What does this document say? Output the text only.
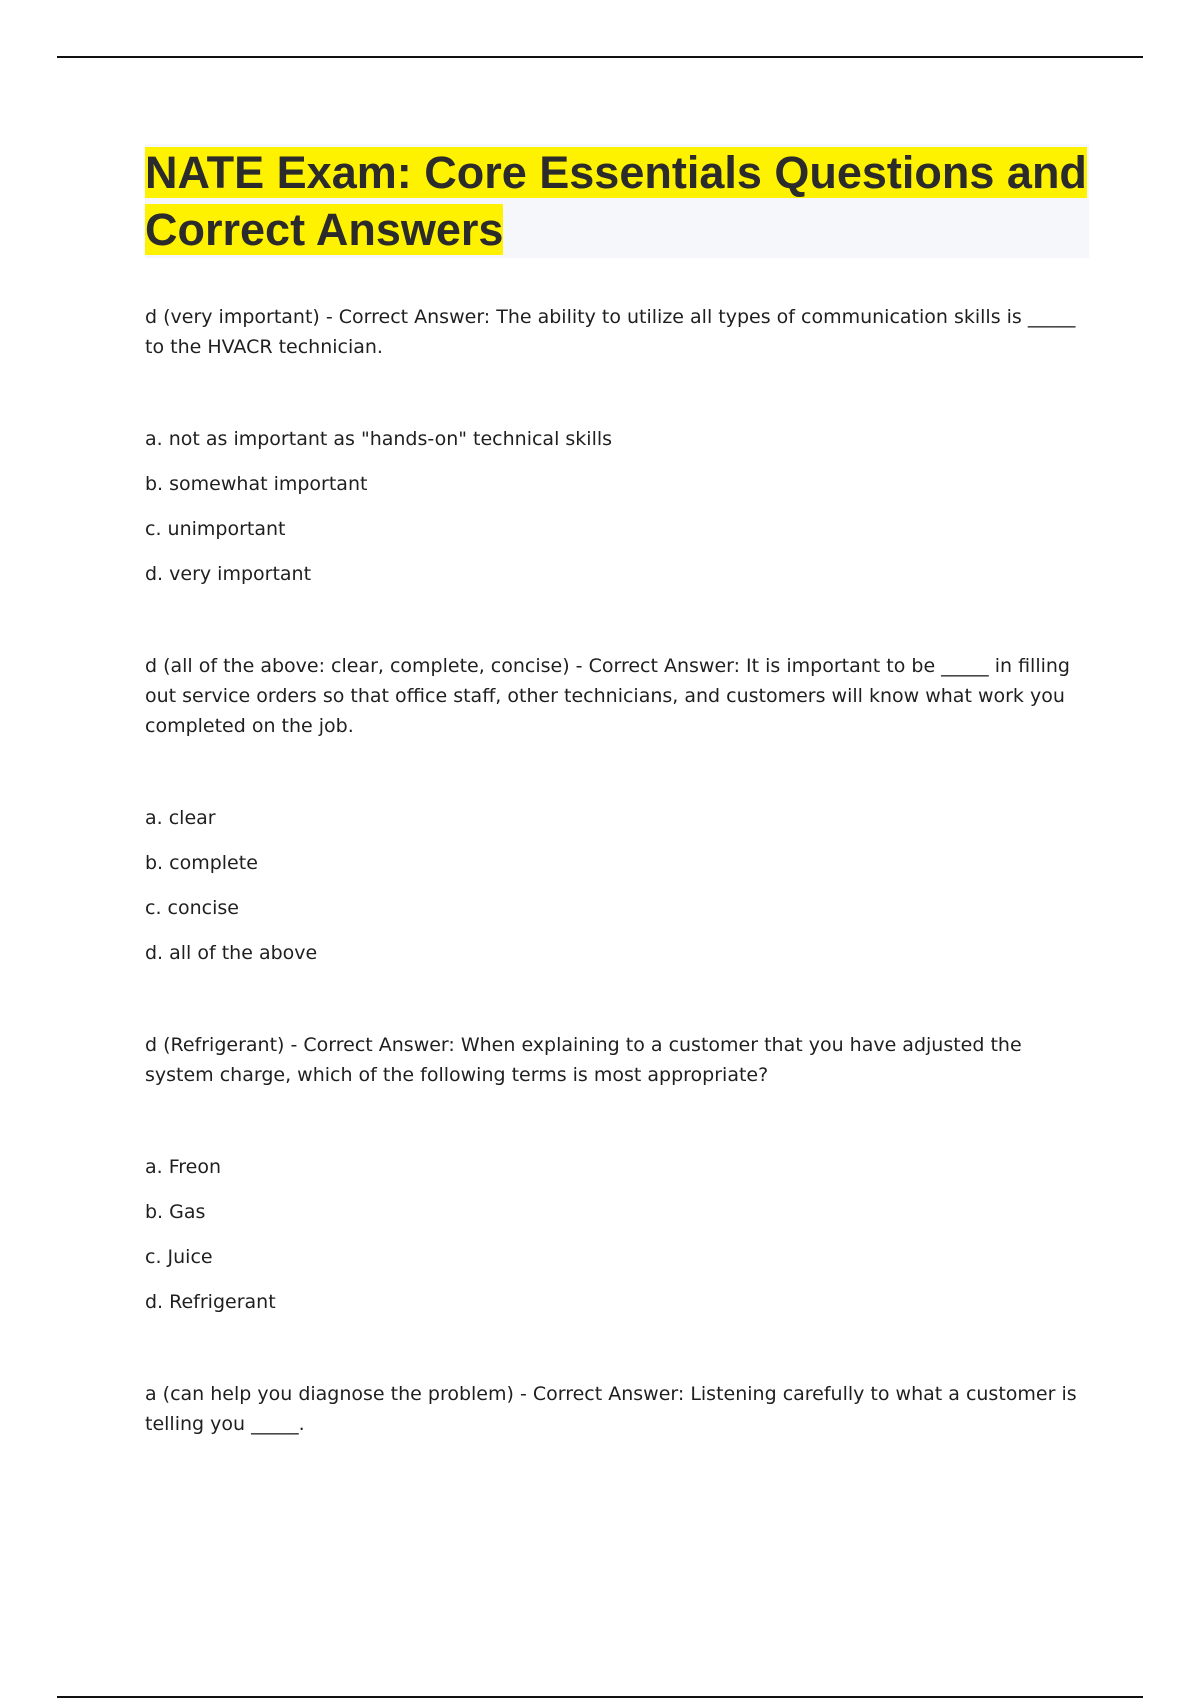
NATE Exam: Core Essentials Questions and Correct Answers

d (very important) - Correct Answer: The ability to utilize all types of communication skills is _____ to the HVACR technician.

a. not as important as "hands-on" technical skills

b. somewhat important

c. unimportant

d. very important

d (all of the above: clear, complete, concise) - Correct Answer: It is important to be _____ in filling out service orders so that office staff, other technicians, and customers will know what work you completed on the job.

a. clear

b. complete

c. concise

d. all of the above

d (Refrigerant) - Correct Answer: When explaining to a customer that you have adjusted the system charge, which of the following terms is most appropriate?

a. Freon

b. Gas

c. Juice

d. Refrigerant

a (can help you diagnose the problem) - Correct Answer: Listening carefully to what a customer is telling you _____.
